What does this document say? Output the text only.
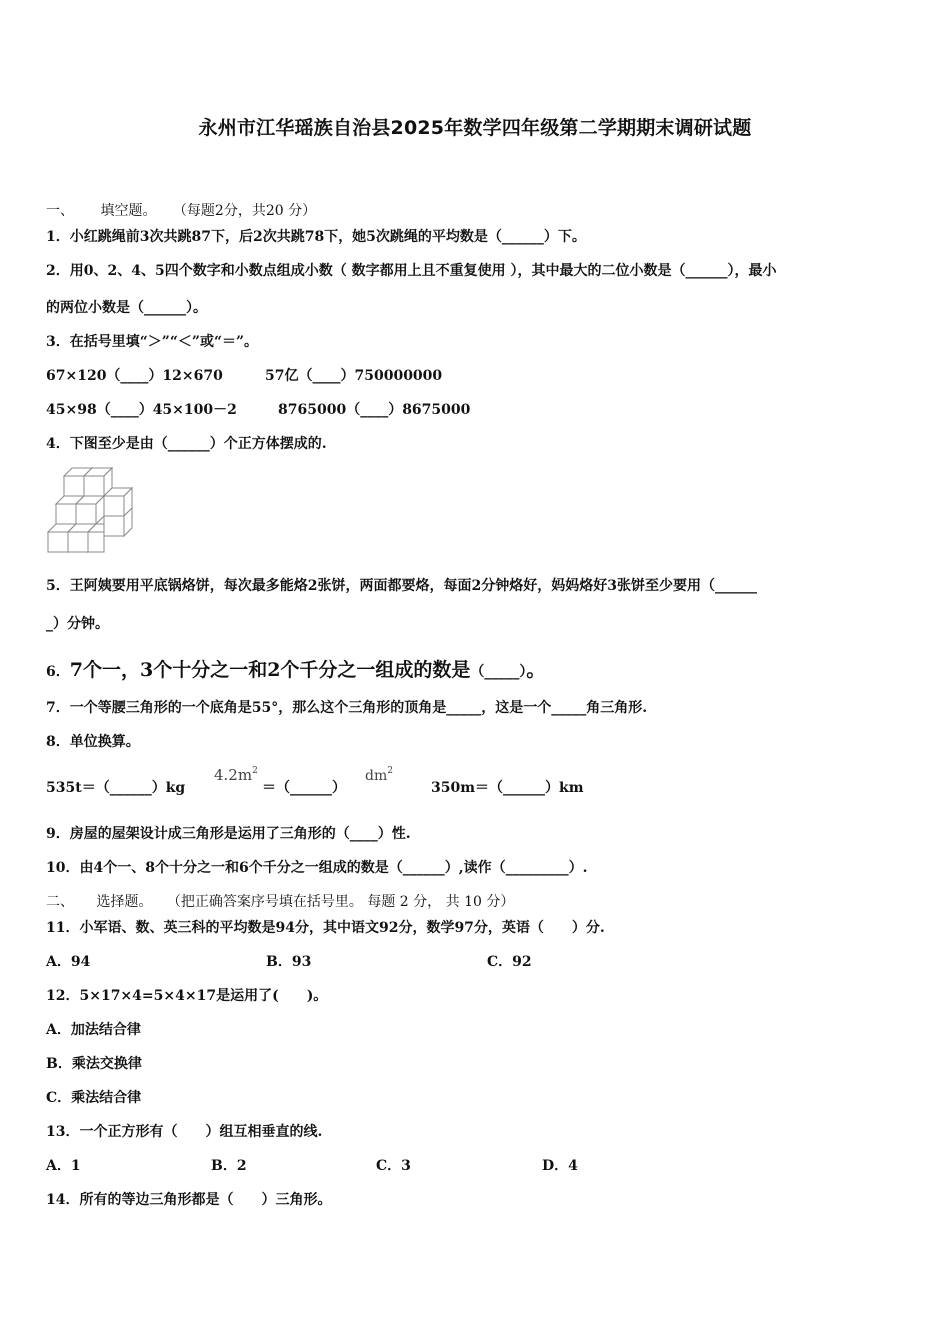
永州市江华瑶族自治县2025年数学四年级第二学期期末调研试题
一、 填空题。 （每题2分，共20 分）
1．小红跳绳前3次共跳87下，后2次共跳78下，她5次跳绳的平均数是（______）下。
2．用0、2、4、5四个数字和小数点组成小数（ 数字都用上且不重复使用 ），其中最大的二位小数是（______），最小
的两位小数是（______）。
3．在括号里填“＞”“＜”或“＝”。
67×120（____）12×670	57亿（____）750000000
45×98（____）45×100－2	8765000（____）8675000
4．下图至少是由（______）个正方体摆成的.
5．王阿姨要用平底锅烙饼，每次最多能烙2张饼，两面都要烙，每面2分钟烙好，妈妈烙好3张饼至少要用（______
_）分钟。
6．7个一，3个十分之一和2个千分之一组成的数是（_____）。
7．一个等腰三角形的一个底角是55°，那么这个三角形的顶角是_____，这是一个_____角三角形.
8．单位换算。
535t＝（______）kg
$4.2m^2$
＝（______）
$dm^2$
350m＝（______）km
9．房屋的屋架设计成三角形是运用了三角形的（____）性.
10．由4个一、8个十分之一和6个千分之一组成的数是（______）,读作（_________）.
二、 选择题。 （把正确答案序号填在括号里。 每题 2 分， 共 10 分）
11．小军语、数、英三科的平均数是94分，其中语文92分，数学97分，英语（　　）分.
A．94	B．93	C．92
12．5×17×4=5×4×17是运用了(　　)。
A．加法结合律
B．乘法交换律
C．乘法结合律
13．一个正方形有（　　）组互相垂直的线.
A．1	B．2	C．3	D．4
14．所有的等边三角形都是（　　）三角形。
